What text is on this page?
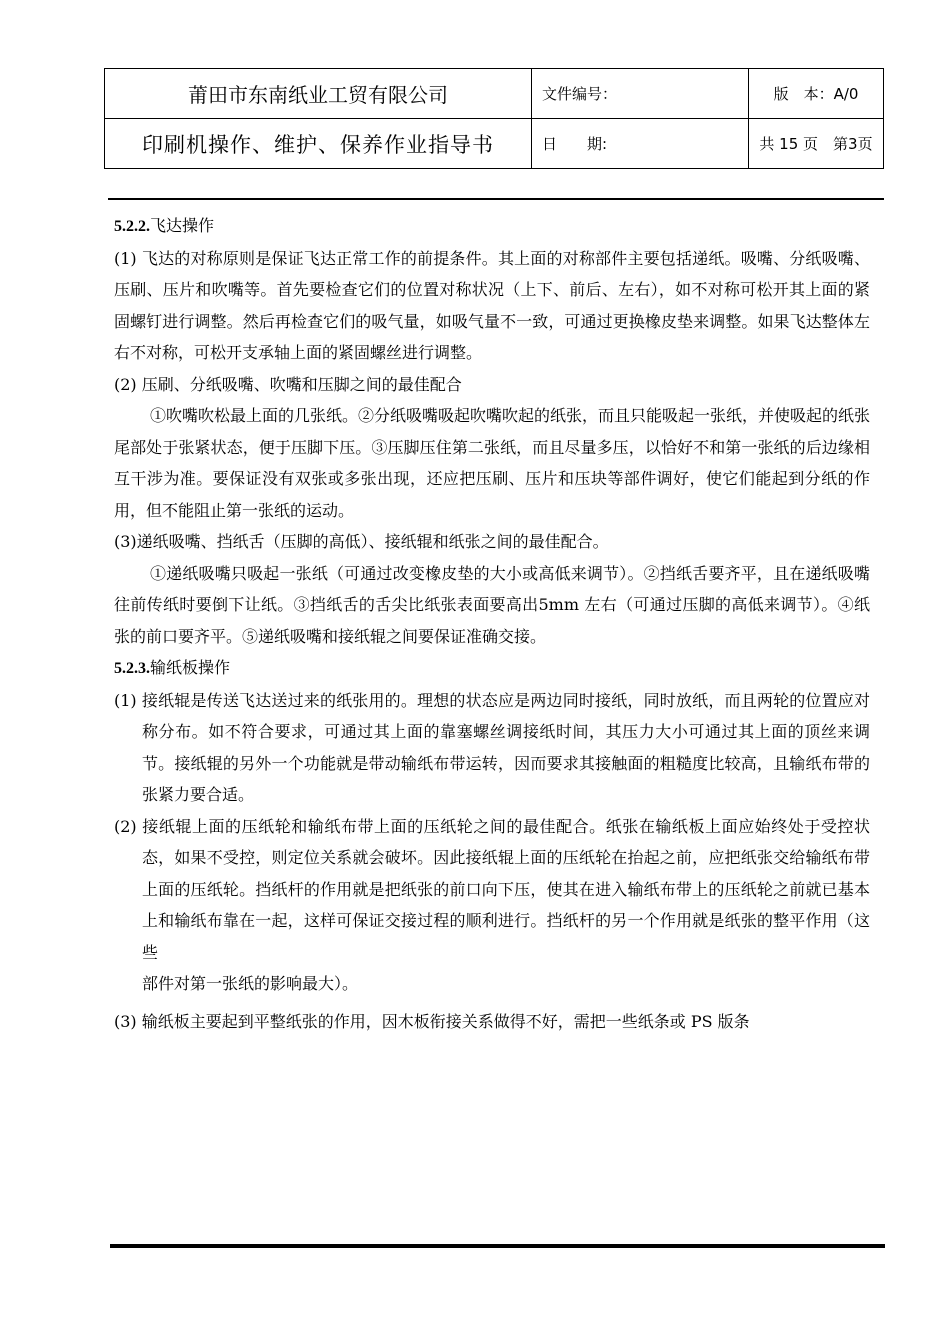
莆田市东南纸业工贸有限公司	文件编号：	版　本：A/0
印刷机操作、维护、保养作业指导书	日　　期:	共 15 页　第3页

5.2.2.飞达操作

(1) 飞达的对称原则是保证飞达正常工作的前提条件。其上面的对称部件主要包括递纸。吸嘴、分纸吸嘴、压刷、压片和吹嘴等。首先要检查它们的位置对称状况（上下、前后、左右），如不对称可松开其上面的紧固螺钉进行调整。然后再检查它们的吸气量，如吸气量不一致，可通过更换橡皮垫来调整。如果飞达整体左右不对称，可松开支承轴上面的紧固螺丝进行调整。

(2) 压刷、分纸吸嘴、吹嘴和压脚之间的最佳配合

①吹嘴吹松最上面的几张纸。②分纸吸嘴吸起吹嘴吹起的纸张，而且只能吸起一张纸，并使吸起的纸张尾部处于张紧状态，便于压脚下压。③压脚压住第二张纸，而且尽量多压，以恰好不和第一张纸的后边缘相互干涉为准。要保证没有双张或多张出现，还应把压刷、压片和压块等部件调好，使它们能起到分纸的作用，但不能阻止第一张纸的运动。

(3)递纸吸嘴、挡纸舌（压脚的高低）、接纸辊和纸张之间的最佳配合。

①递纸吸嘴只吸起一张纸（可通过改变橡皮垫的大小或高低来调节）。②挡纸舌要齐平，且在递纸吸嘴往前传纸时要倒下让纸。③挡纸舌的舌尖比纸张表面要高出5mm 左右（可通过压脚的高低来调节）。④纸张的前口要齐平。⑤递纸吸嘴和接纸辊之间要保证准确交接。

5.2.3.输纸板操作

(1) 接纸辊是传送飞达送过来的纸张用的。理想的状态应是两边同时接纸，同时放纸，而且两轮的位置应对称分布。如不符合要求，可通过其上面的靠塞螺丝调接纸时间，其压力大小可通过其上面的顶丝来调节。接纸辊的另外一个功能就是带动输纸布带运转，因而要求其接触面的粗糙度比较高，且输纸布带的张紧力要合适。

(2) 接纸辊上面的压纸轮和输纸布带上面的压纸轮之间的最佳配合。纸张在输纸板上面应始终处于受控状态，如果不受控，则定位关系就会破坏。因此接纸辊上面的压纸轮在抬起之前，应把纸张交给输纸布带上面的压纸轮。挡纸杆的作用就是把纸张的前口向下压，使其在进入输纸布带上的压纸轮之前就已基本上和输纸布靠在一起，这样可保证交接过程的顺利进行。挡纸杆的另一个作用就是纸张的整平作用（这些

部件对第一张纸的影响最大）。

(3) 输纸板主要起到平整纸张的作用，因木板衔接关系做得不好，需把一些纸条或 PS 版条
